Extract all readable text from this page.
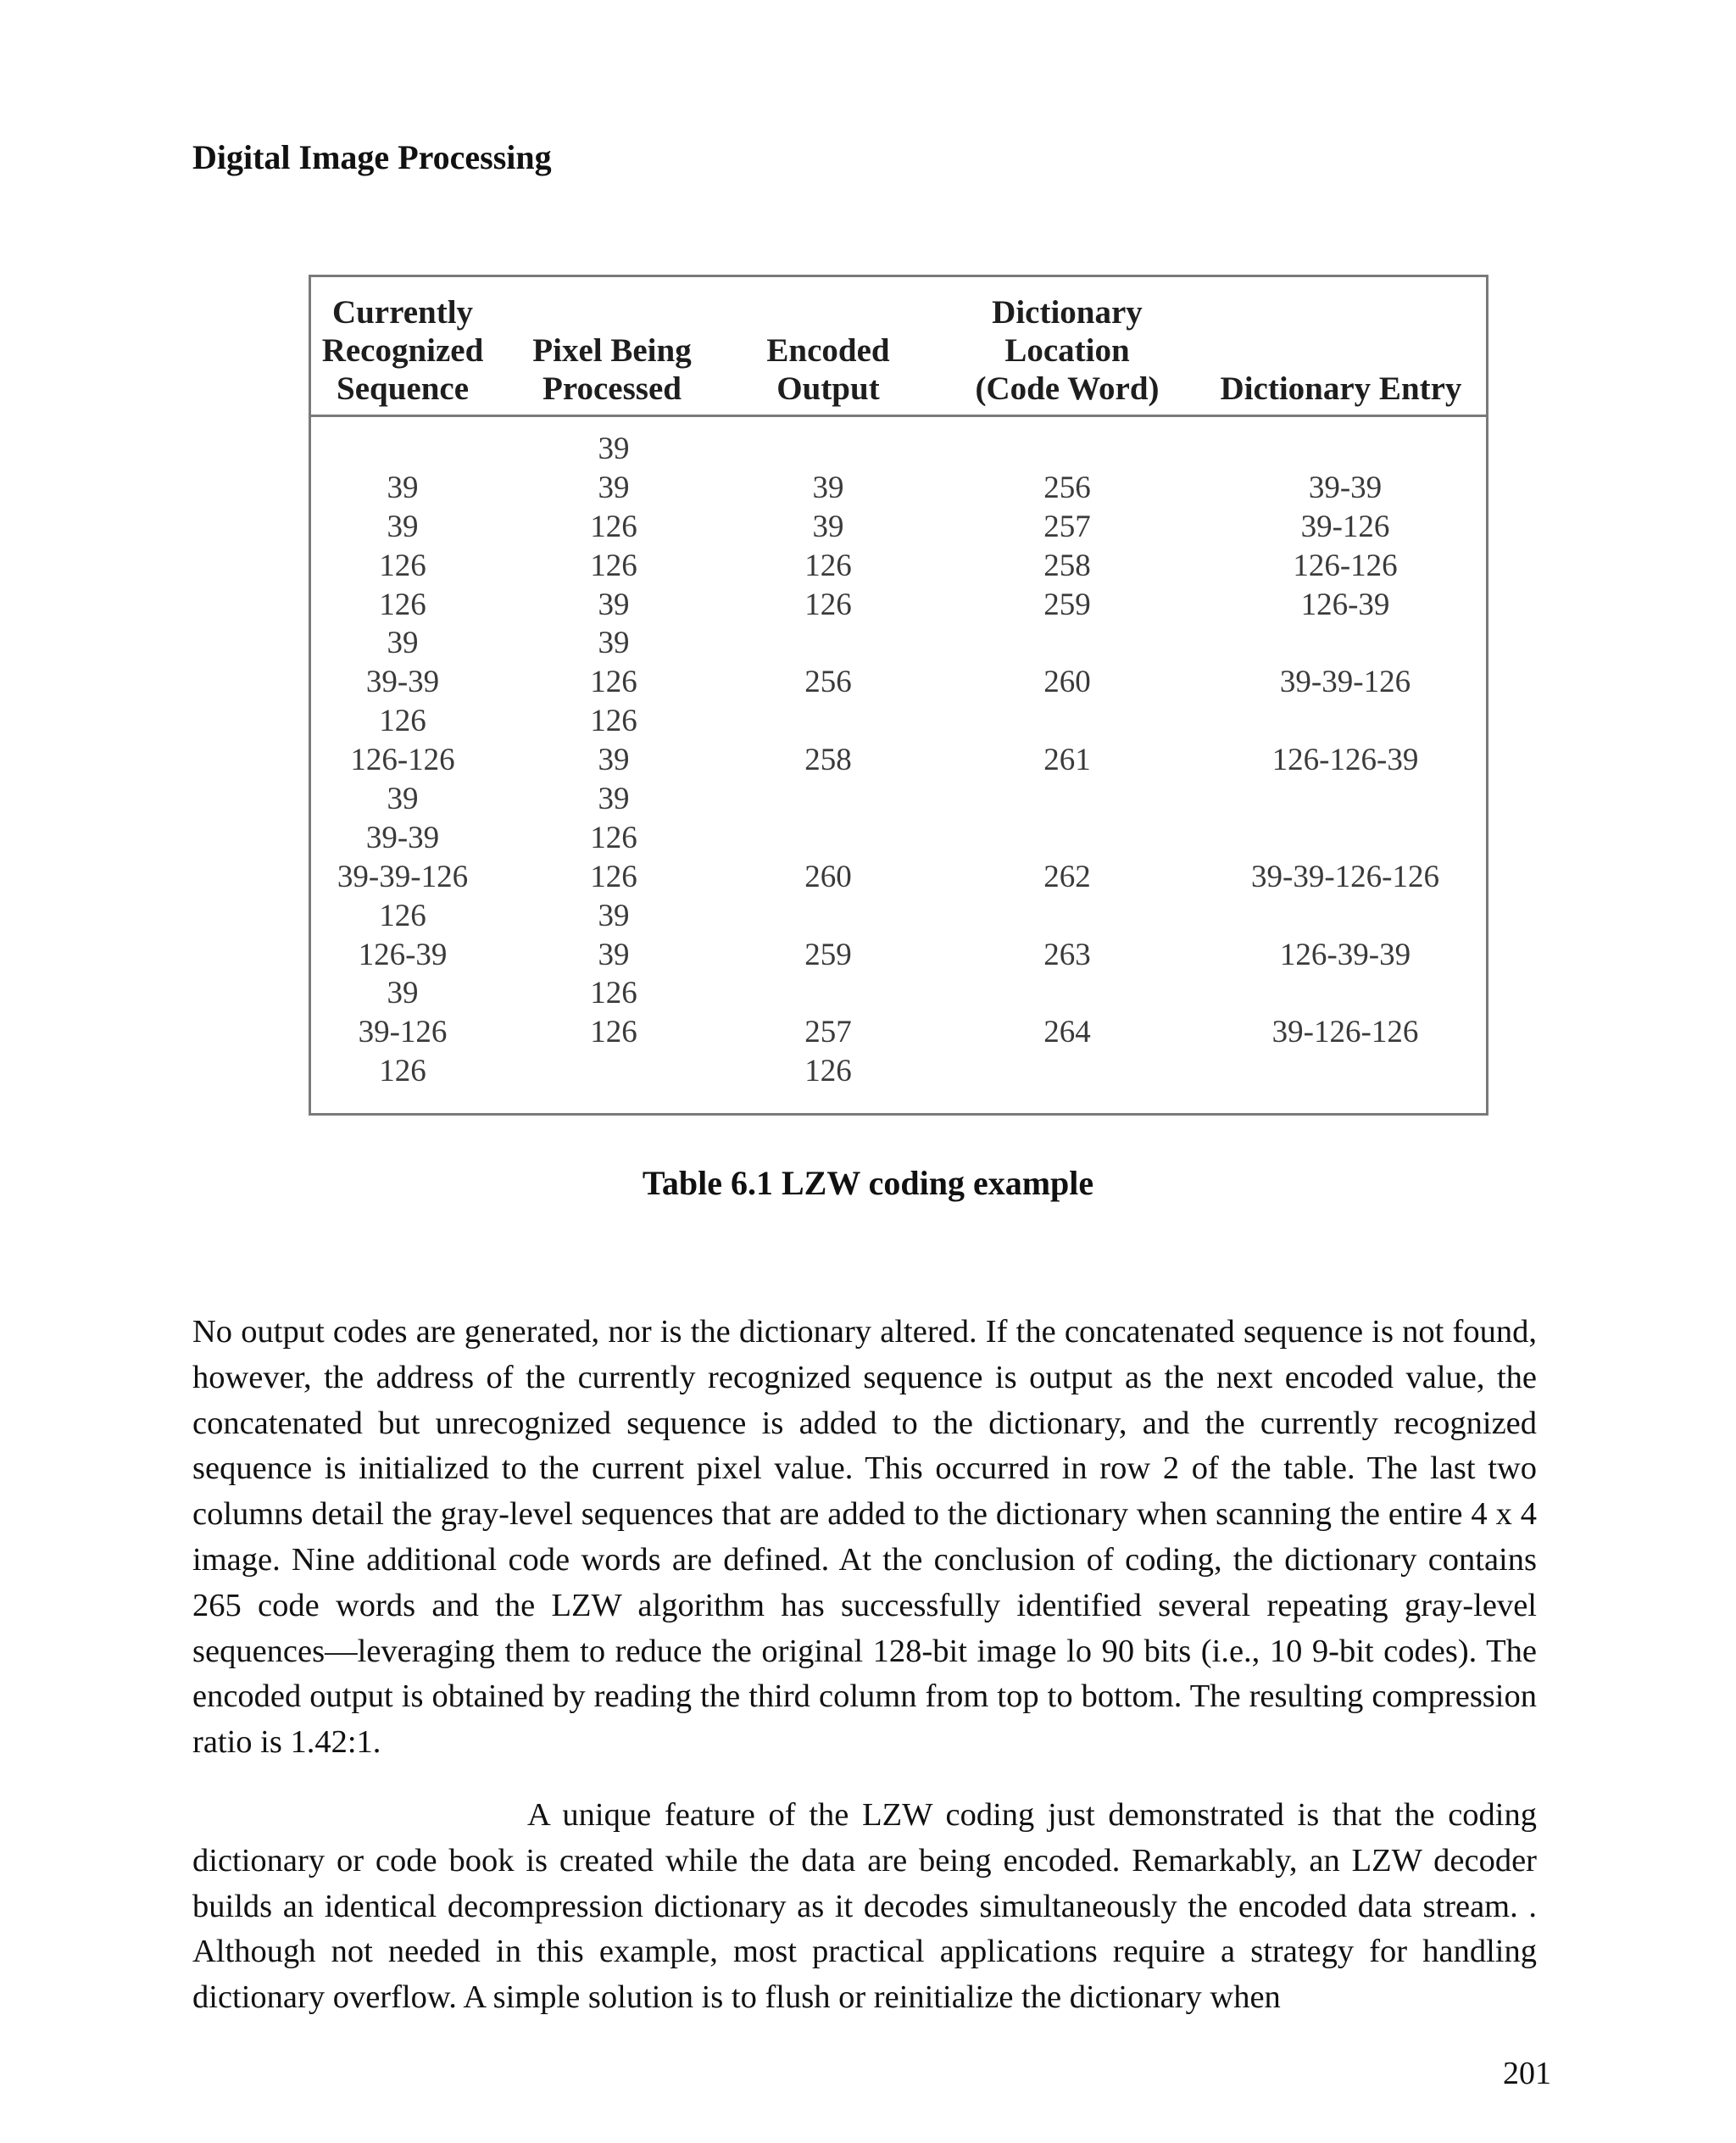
Digital Image Processing
Currently
Recognized
Sequence
Pixel Being
Processed
Encoded
Output
Dictionary
Location
(Code Word)	Dictionary Entry
39
39
126
126
39
39-39
126
126-126
39
39-39
39-39-126
126
126-39
39
39-126
126
39
39
126
126
39
39
126
126
39
39
126
126
39
39
126
126
39
39
126
126
256
258
260
259
257
126
256
257
258
259
260
261
262
263
264
39-39
39-126
126-126
126-39
39-39-126
126-126-39
39-39-126-126
126-39-39
39-126-126
Table 6.1 LZW coding example

No output codes are generated, nor is the dictionary altered. If the concatenated sequence is not found, however, the address of the currently recognized sequence is output as the next encoded value, the concatenated but unrecognized sequence is added to the dictionary, and the currently recognized sequence is initialized to the current pixel value. This occurred in row 2 of the table. The last two columns detail the gray-level sequences that are added to the dictionary when scanning the entire 4 x 4 image. Nine additional code words are defined. At the conclusion of coding, the dictionary contains 265 code words and the LZW algorithm has successfully identified several repeating gray-level sequences—leveraging them to reduce the original 128-bit image lo 90 bits (i.e., 10 9-bit codes). The encoded output is obtained by reading the third column from top to bottom. The resulting compression ratio is 1.42:1.

A unique feature of the LZW coding just demonstrated is that the coding dictionary or code book is created while the data are being encoded. Remarkably, an LZW decoder builds an identical decompression dictionary as it decodes simultaneously the encoded data stream. . Although not needed in this example, most practical applications require a strategy for handling dictionary overflow. A simple solution is to flush or reinitialize the dictionary when

201
